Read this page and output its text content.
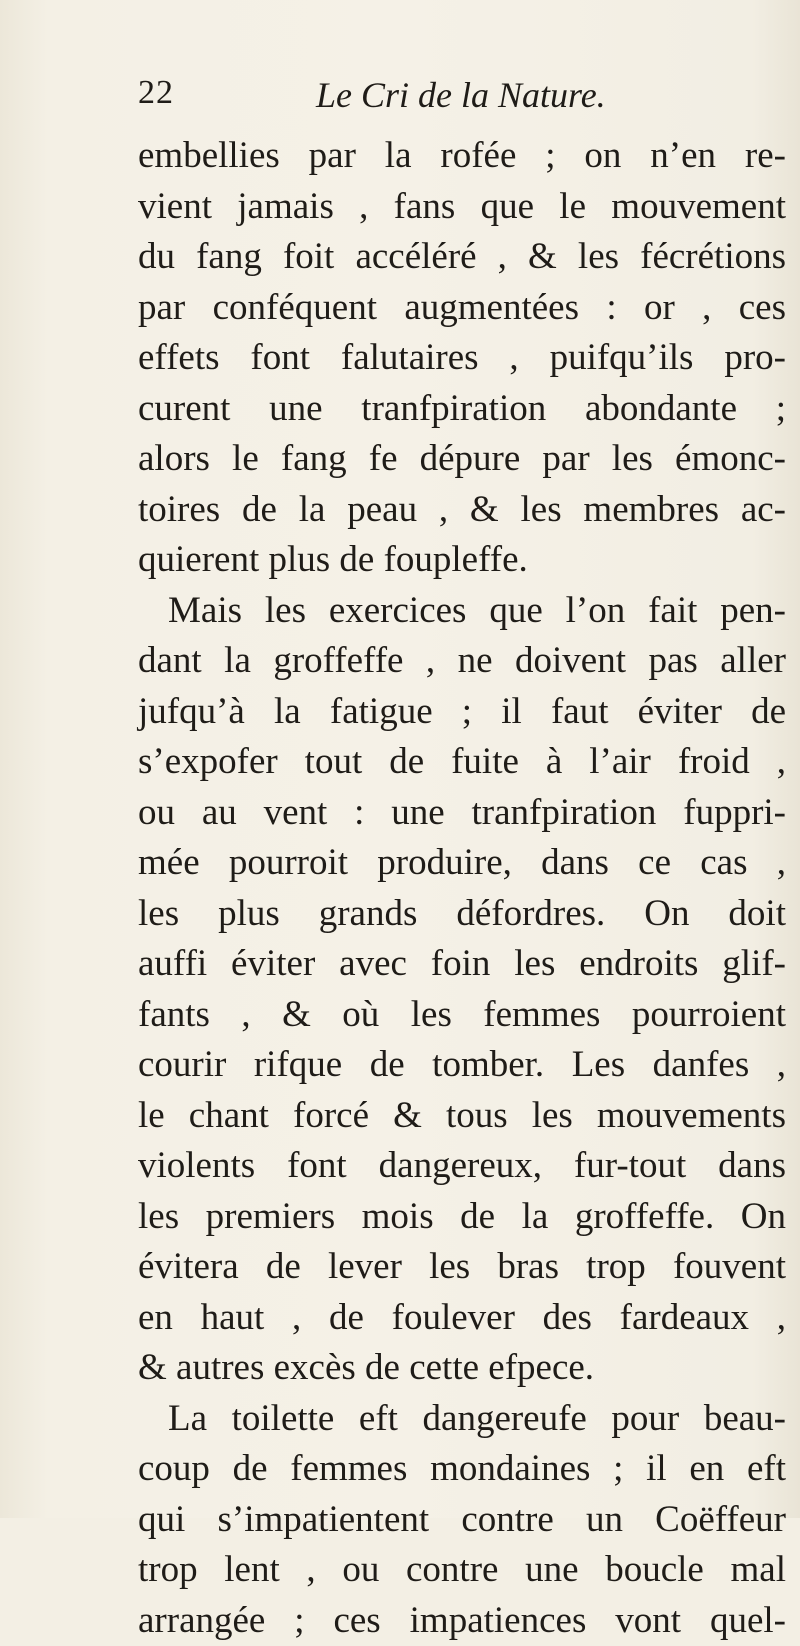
22	Le Cri de la Nature.
embellies par la rofée ; on n’en re-
vient jamais , fans que le mouvement
du fang foit accéléré , & les fécrétions
par conféquent augmentées : or , ces
effets font falutaires , puifqu’ils pro-
curent une tranfpiration abondante ;
alors le fang fe dépure par les émonc-
toires de la peau , & les membres ac-
quierent plus de foupleffe.
Mais les exercices que l’on fait pen-
dant la groffeffe , ne doivent pas aller
jufqu’à la fatigue ; il faut éviter de
s’expofer tout de fuite à l’air froid ,
ou au vent : une tranfpiration fuppri-
mée pourroit produire, dans ce cas ,
les plus grands défordres. On doit
auffi éviter avec foin les endroits glif-
fants , & où les femmes pourroient
courir rifque de tomber. Les danfes ,
le chant forcé & tous les mouvements
violents font dangereux, fur-tout dans
les premiers mois de la groffeffe. On
évitera de lever les bras trop fouvent
en haut , de foulever des fardeaux ,
& autres excès de cette efpece.
La toilette eft dangereufe pour beau-
coup de femmes mondaines ; il en eft
qui s’impatientent contre un Coëffeur
trop lent , ou contre une boucle mal
arrangée ; ces impatiences vont quel-
